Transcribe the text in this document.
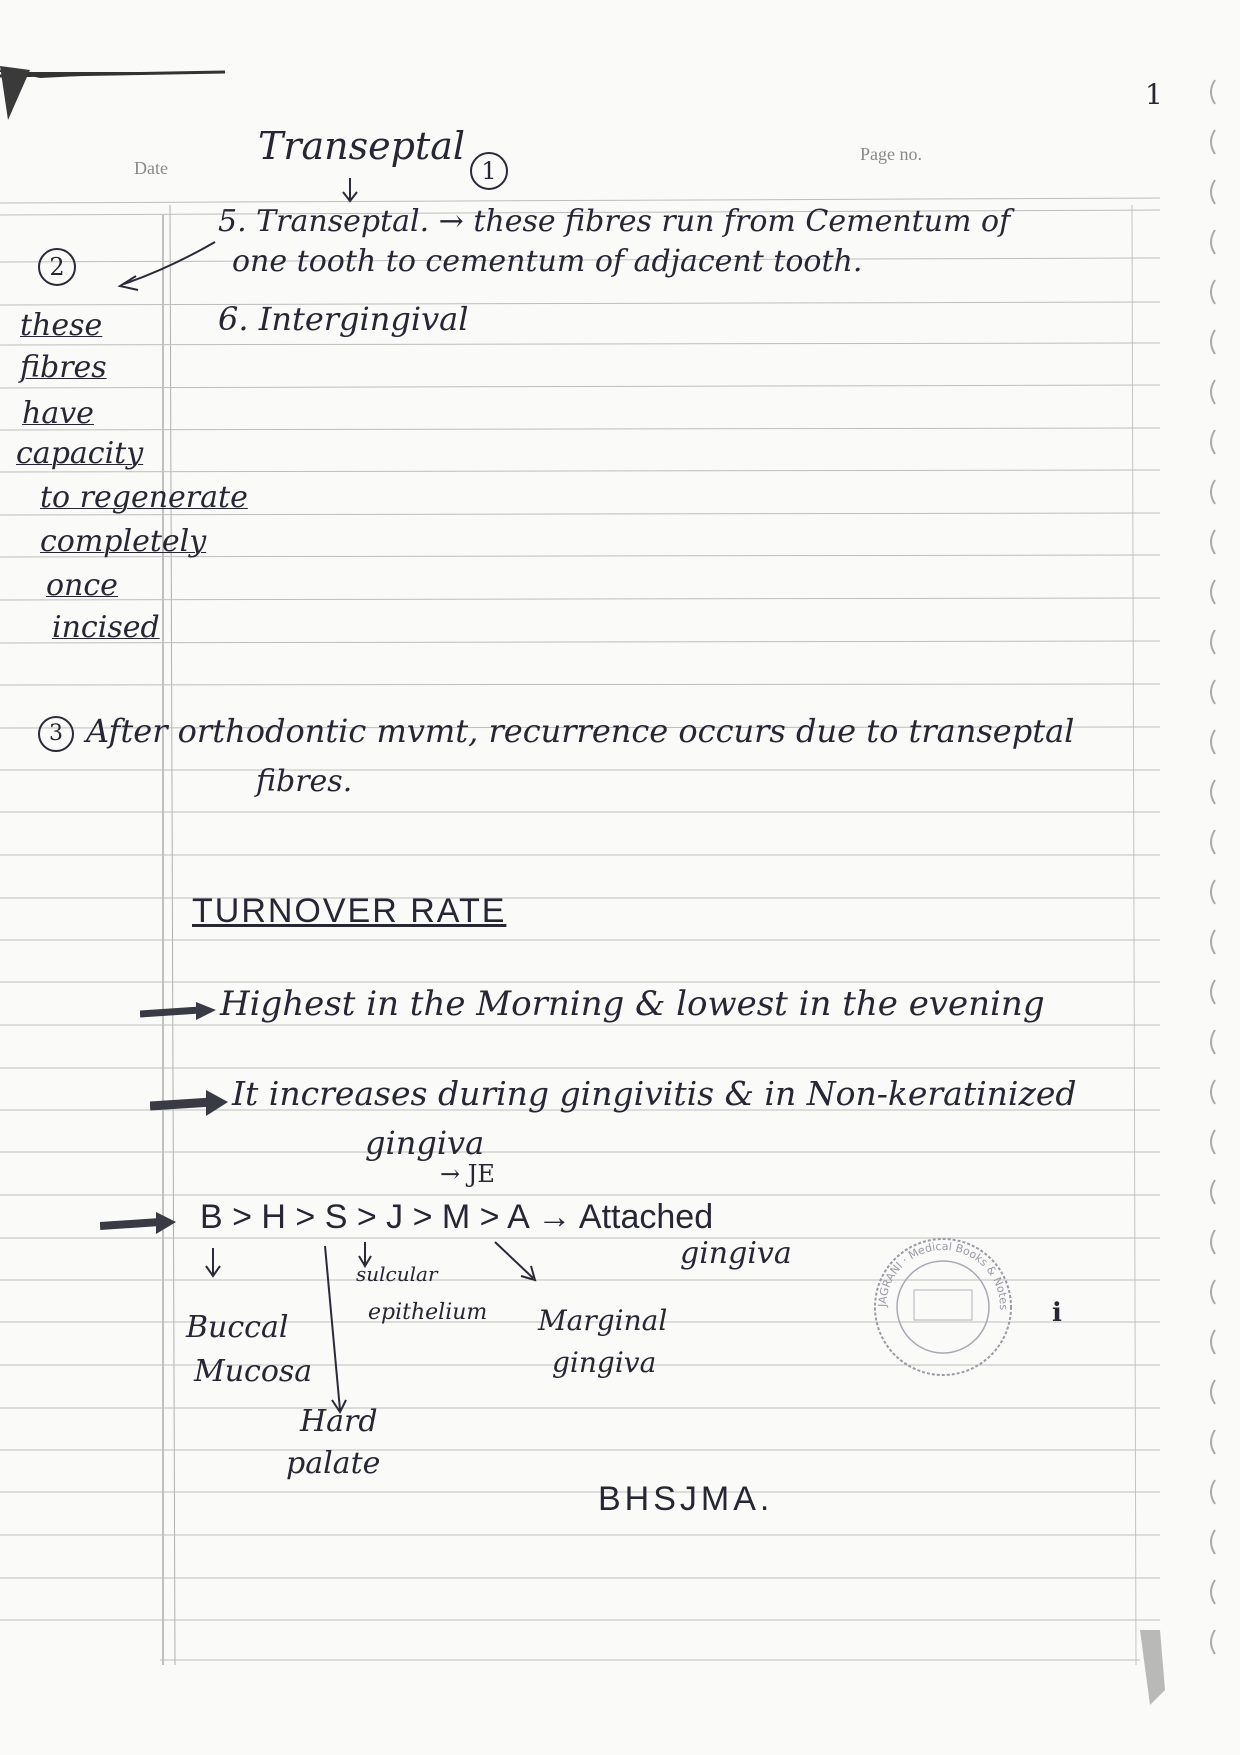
Date
Page no.
1
Transeptal
1
5. Transeptal. → these fibres run from Cementum of
one tooth to cementum of adjacent tooth.
6. Intergingival
2
these
fibres
have
capacity
to regenerate
completely
once
incised
3 After orthodontic mvmt, recurrence occurs due to transeptal
fibres.
TURNOVER RATE
Highest in the Morning & lowest in the evening
It increases during gingivitis & in Non-keratinized
gingiva
→ JE
B > H > S > J > M > A → Attached
gingiva
sulcular
epithelium
Buccal
Mucosa
Hard
palate
Marginal
gingiva
BHSJMA.
JAGRANI · Medical Books & Notes ℹ
